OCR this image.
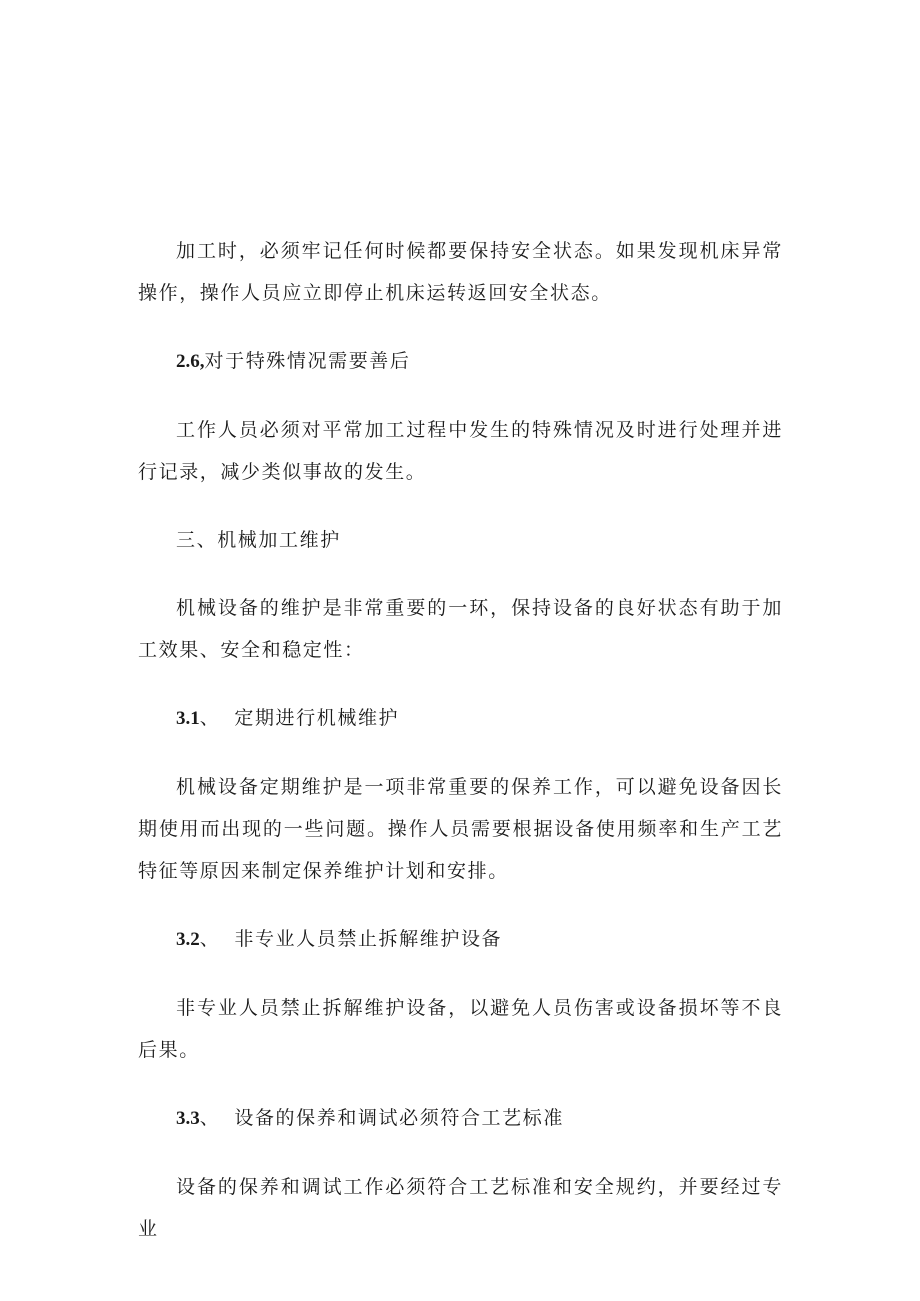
加工时，必须牢记任何时候都要保持安全状态。如果发现机床异常操作，操作人员应立即停止机床运转返回安全状态。

2.6,对于特殊情况需要善后

工作人员必须对平常加工过程中发生的特殊情况及时进行处理并进行记录，减少类似事故的发生。

三、机械加工维护

机械设备的维护是非常重要的一环，保持设备的良好状态有助于加工效果、安全和稳定性：

3.1、 定期进行机械维护

机械设备定期维护是一项非常重要的保养工作，可以避免设备因长期使用而出现的一些问题。操作人员需要根据设备使用频率和生产工艺特征等原因来制定保养维护计划和安排。

3.2、 非专业人员禁止拆解维护设备

非专业人员禁止拆解维护设备，以避免人员伤害或设备损坏等不良后果。

3.3、 设备的保养和调试必须符合工艺标准

设备的保养和调试工作必须符合工艺标准和安全规约，并要经过专业
